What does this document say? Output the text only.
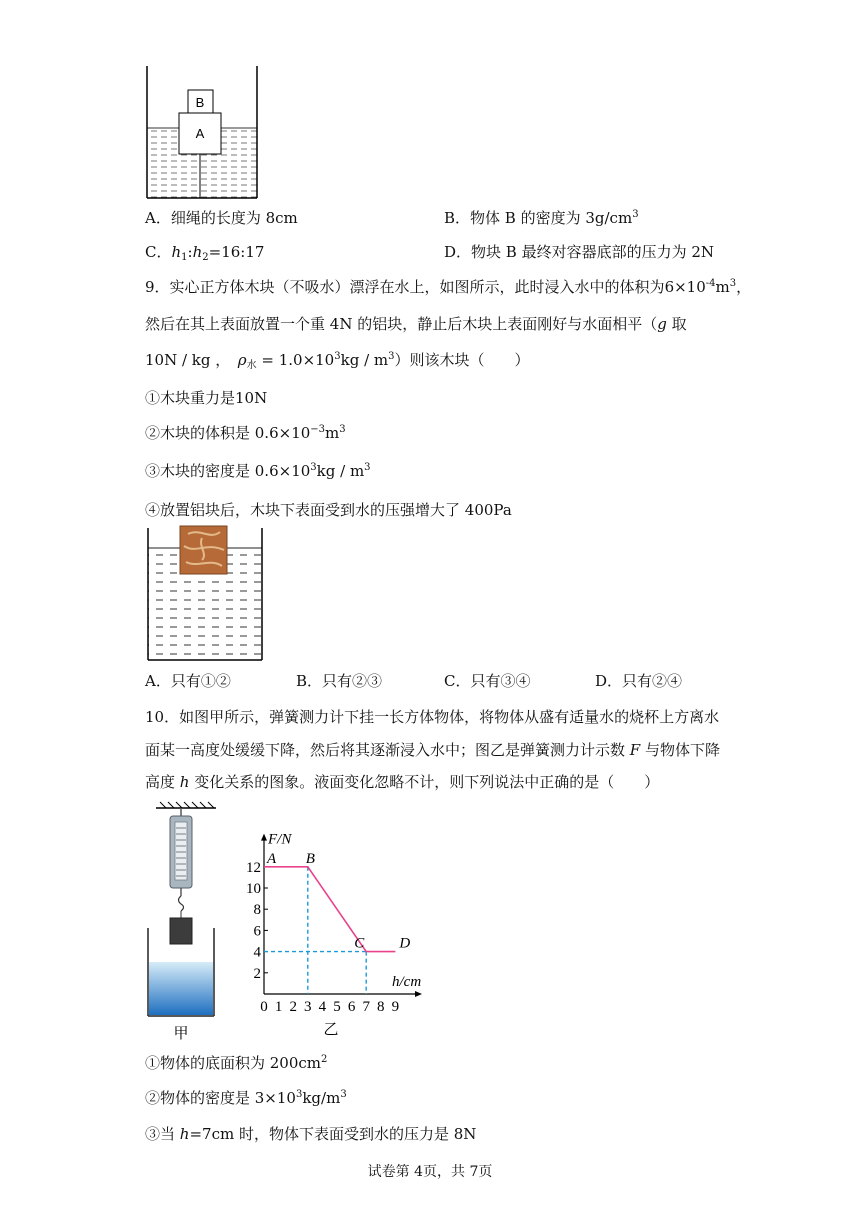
B
A
A．细绳的长度为 8cm	B．物体 B 的密度为 $3g/cm^3$
C．$h_1:h_2=16:17$	D．物块 B 最终对容器底部的压力为 2N
9．实心正方体木块（不吸水）漂浮在水上，如图所示，此时浸入水中的体积为$6\times 10^{-4}m^3$，
然后在其上表面放置一个重 4N 的铝块，静止后木块上表面刚好与水面相平（g 取
10N / kg ，　 $\rho_水 = 1.0\times 10^3kg / m^3$）则该木块（　　）
①木块重力是10N
②木块的体积是 $0.6\times 10^{-3}m^3$
③木块的密度是 $0.6\times 10^3kg / m^3$
④放置铝块后，木块下表面受到水的压强增大了 400Pa
A．只有①②	B．只有②③	C．只有③④	D．只有②④
10．如图甲所示，弹簧测力计下挂一长方体物体，将物体从盛有适量水的烧杯上方离水
面某一高度处缓缓下降，然后将其逐渐浸入水中；图乙是弹簧测力计示数 F 与物体下降
高度 h 变化关系的图象。液面变化忽略不计，则下列说法中正确的是（　　）
甲
0 1 2 3 4 5 6 7 8 9
2
4
6
8
10
12
F/N
h/cm
A B
C D
乙
①物体的底面积为 $200cm^2$
②物体的密度是 $3\times 10^3kg/m^3$
③当 h=7cm 时，物体下表面受到水的压力是 8N
试卷第 4页，共 7页
